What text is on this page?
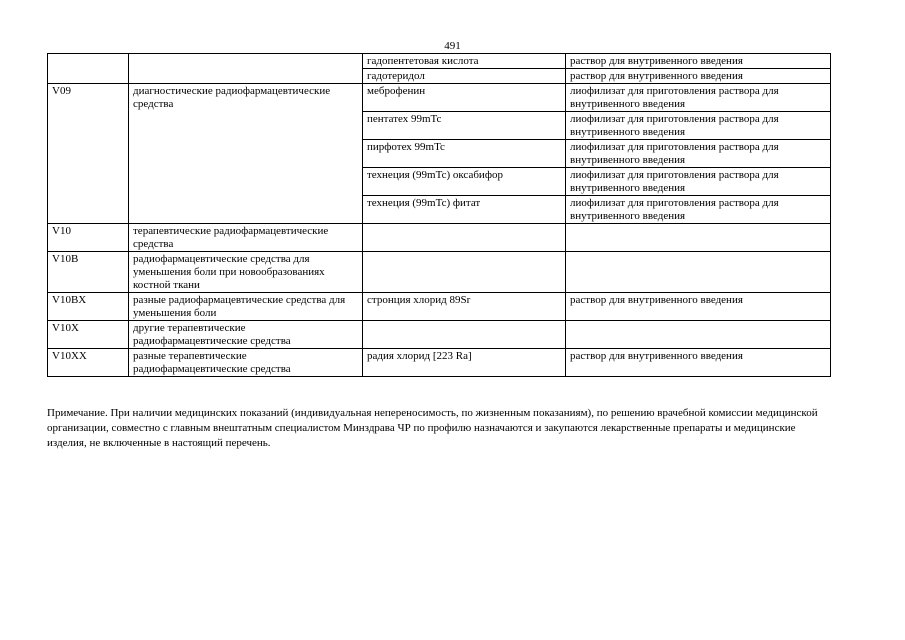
491
		гадопентетовая кислота	раствор для внутривенного введения
		гадотеридол	раствор для внутривенного введения
V09	диагностические радиофармацевтические средства	меброфенин	лиофилизат для приготовления раствора для внутривенного введения
		пентатех 99mTc	лиофилизат для приготовления раствора для внутривенного введения
		пирфотех 99mTc	лиофилизат для приготовления раствора для внутривенного введения
		технеция (99mTc) оксабифор	лиофилизат для приготовления раствора для внутривенного введения
		технеция (99mTc) фитат	лиофилизат для приготовления раствора для внутривенного введения
V10	терапевтические радиофармацевтические средства		
V10B	радиофармацевтические средства для уменьшения боли при новообразованиях костной ткани		
V10BX	разные радиофармацевтические средства для уменьшения боли	стронция хлорид 89Sr	раствор для внутривенного введения
V10X	другие терапевтические радиофармацевтические средства		
V10XX	разные терапевтические радиофармацевтические средства	радия хлорид [223 Ra]	раствор для внутривенного введения
Примечание. При наличии медицинских показаний (индивидуальная непереносимость, по жизненным показаниям), по решению врачебной комиссии медицинской организации, совместно с главным внештатным специалистом Минздрава ЧР по профилю назначаются и закупаются лекарственные препараты и медицинские изделия, не включенные в настоящий перечень.
